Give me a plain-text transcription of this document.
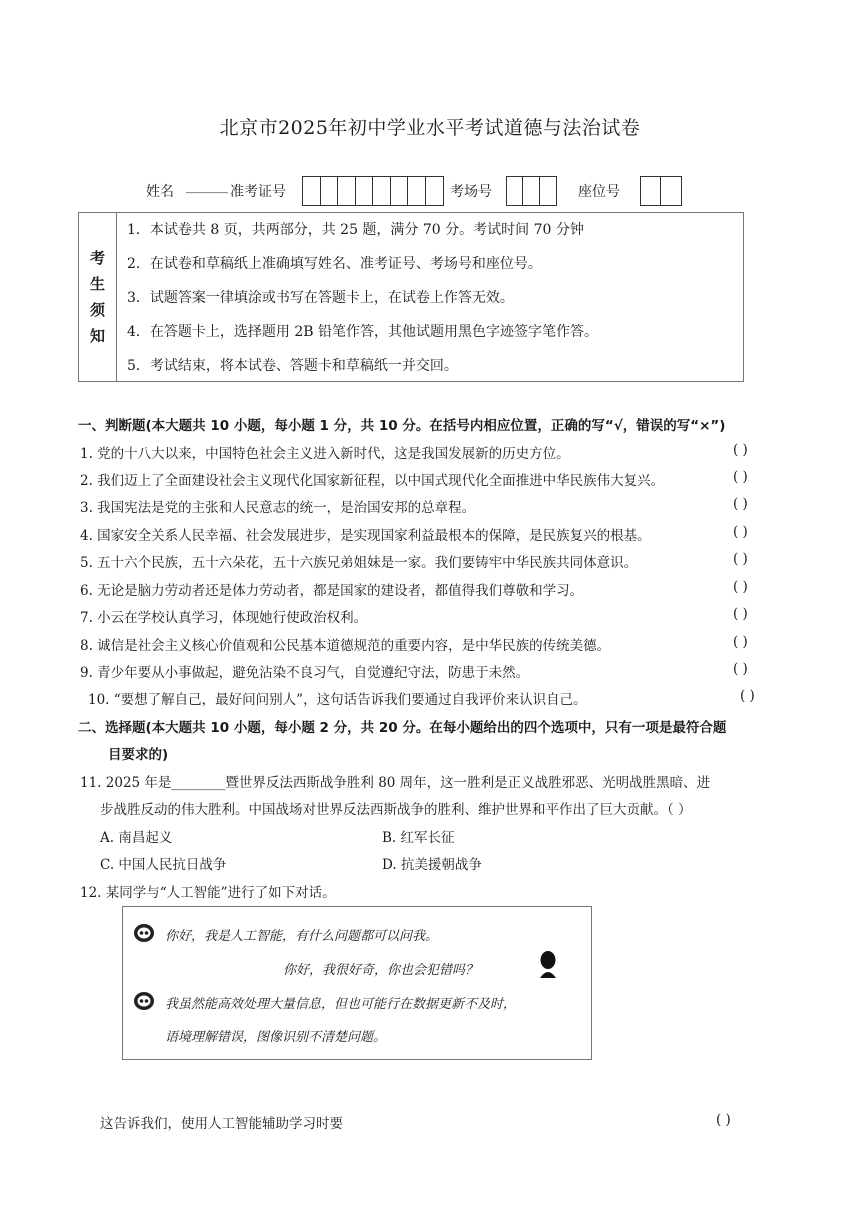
北京市2025年初中学业水平考试道德与法治试卷
姓名 ______ 准考证号	考场号	座位号
考
生
须
知
1．本试卷共 8 页，共两部分，共 25 题，满分 70 分。考试时间 70 分钟
2．在试卷和草稿纸上准确填写姓名、准考证号、考场号和座位号。
3．试题答案一律填涂或书写在答题卡上，在试卷上作答无效。
4．在答题卡上，选择题用 2B 铅笔作答，其他试题用黑色字迹签字笔作答。
5．考试结束，将本试卷、答题卡和草稿纸一并交回。
一、判断题(本大题共 10 小题，每小题 1 分，共 10 分。在括号内相应位置，正确的写“√，错误的写“×”)
1. 党的十八大以来，中国特色社会主义进入新时代，这是我国发展新的历史方位。	( )
2. 我们迈上了全面建设社会主义现代化国家新征程，以中国式现代化全面推进中华民族伟大复兴。	( )
3. 我国宪法是党的主张和人民意志的统一，是治国安邦的总章程。	( )
4. 国家安全关系人民幸福、社会发展进步，是实现国家利益最根本的保障，是民族复兴的根基。	( )
5. 五十六个民族，五十六朵花，五十六族兄弟姐妹是一家。我们要铸牢中华民族共同体意识。	( )
6. 无论是脑力劳动者还是体力劳动者，都是国家的建设者，都值得我们尊敬和学习。	( )
7. 小云在学校认真学习，体现她行使政治权利。	( )
8. 诚信是社会主义核心价值观和公民基本道德规范的重要内容，是中华民族的传统美德。	( )
9. 青少年要从小事做起，避免沾染不良习气，自觉遵纪守法，防患于未然。	( )
10. “要想了解自己，最好问问别人”，这句话告诉我们要通过自我评价来认识自己。	( )
二、选择题(本大题共 10 小题，每小题 2 分，共 20 分。在每小题给出的四个选项中，只有一项是最符合题
目要求的)
11. 2025 年是________暨世界反法西斯战争胜利 80 周年，这一胜利是正义战胜邪恶、光明战胜黑暗、进
步战胜反动的伟大胜利。中国战场对世界反法西斯战争的胜利、维护世界和平作出了巨大贡献。（ ）
A. 南昌起义	B. 红军长征
C. 中国人民抗日战争	D. 抗美援朝战争
12. 某同学与“人工智能”进行了如下对话。
你好，我是人工智能，有什么问题都可以问我。
你好，我很好奇，你也会犯错吗？
我虽然能高效处理大量信息，但也可能行在数据更新不及时，
语境理解错误，图像识别不清楚问题。
这告诉我们，使用人工智能辅助学习时要	( )
